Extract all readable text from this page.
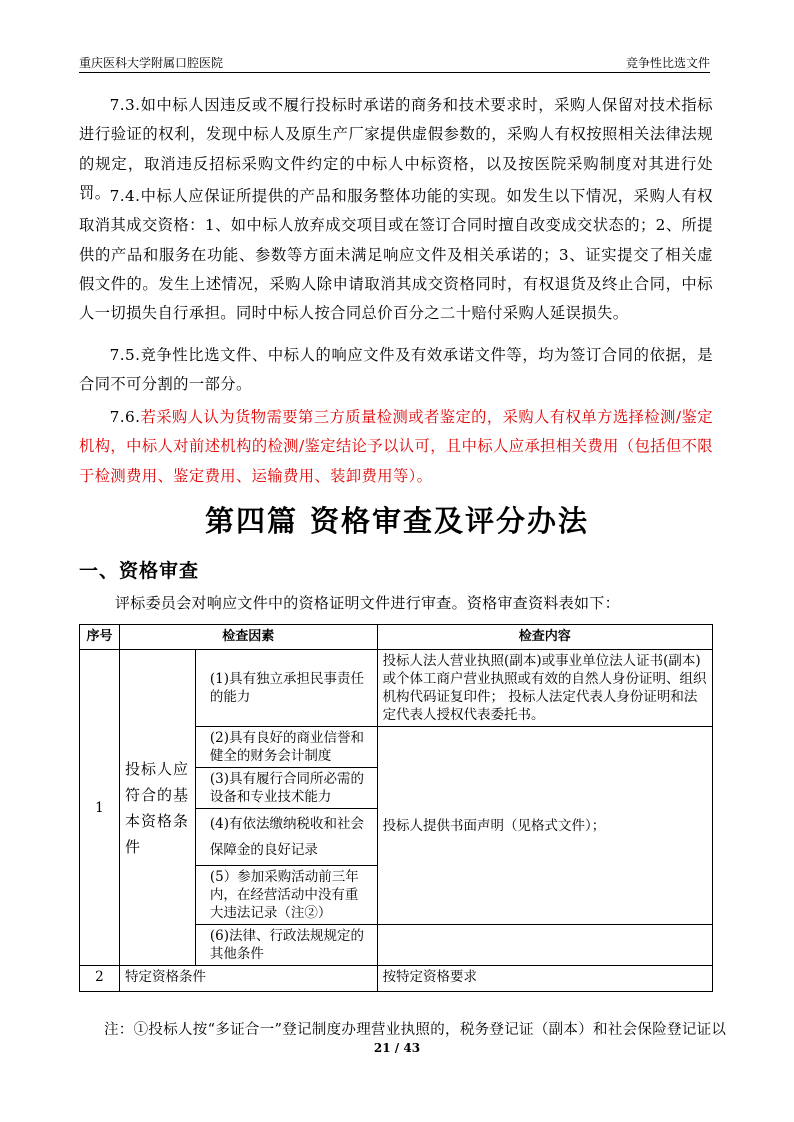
重庆医科大学附属口腔医院	竞争性比选文件

7.3.如中标人因违反或不履行投标时承诺的商务和技术要求时，采购人保留对技术指标进行验证的权利，发现中标人及原生产厂家提供虚假参数的，采购人有权按照相关法律法规的规定，取消违反招标采购文件约定的中标人中标资格，以及按医院采购制度对其进行处罚。 7.4.中标人应保证所提供的产品和服务整体功能的实现。如发生以下情况，采购人有权取消其成交资格：1、如中标人放弃成交项目或在签订合同时擅自改变成交状态的；2、所提供的产品和服务在功能、参数等方面未满足响应文件及相关承诺的；3、证实提交了相关虚假文件的。发生上述情况，采购人除申请取消其成交资格同时，有权退货及终止合同，中标人一切损失自行承担。同时中标人按合同总价百分之二十赔付采购人延误损失。

7.5.竞争性比选文件、中标人的响应文件及有效承诺文件等，均为签订合同的依据，是合同不可分割的一部分。

7.6.若采购人认为货物需要第三方质量检测或者鉴定的，采购人有权单方选择检测/鉴定机构，中标人对前述机构的检测/鉴定结论予以认可，且中标人应承担相关费用（包括但不限于检测费用、鉴定费用、运输费用、装卸费用等）。

第四篇 资格审查及评分办法
一、资格审查
评标委员会对响应文件中的资格证明文件进行审查。资格审查资料表如下：
序号	检查因素		检查内容
1	投标人应符合的基本资格条件	(1)具有独立承担民事责任的能力	投标人法人营业执照(副本)或事业单位法人证书(副本)或个体工商户营业执照或有效的自然人身份证明、组织机构代码证复印件； 投标人法定代表人身份证明和法定代表人授权代表委托书。
		(2)具有良好的商业信誉和健全的财务会计制度	投标人提供书面声明（见格式文件）；
		(3)具有履行合同所必需的设备和专业技术能力	
		(4)有依法缴纳税收和社会保障金的良好记录	
		(5）参加采购活动前三年内，在经营活动中没有重大违法记录（注②）	
		(6)法律、行政法规规定的其他条件	
2	特定资格条件		按特定资格要求
注：①投标人按“多证合一”登记制度办理营业执照的，税务登记证（副本）和社会保险登记证以
21 / 43
